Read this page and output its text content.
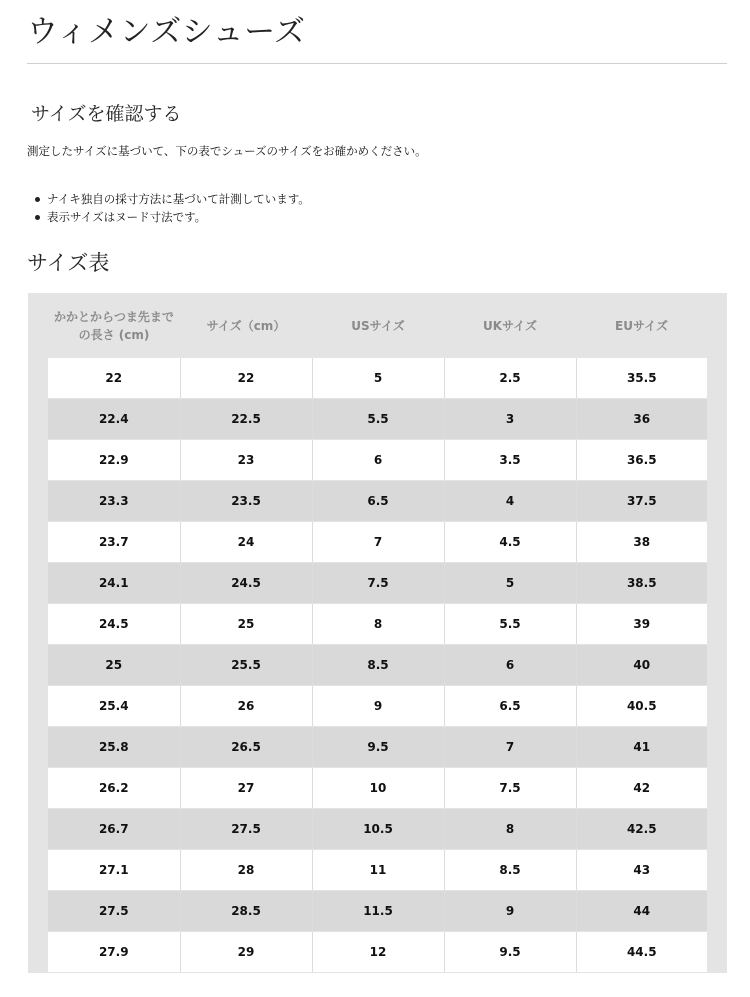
ウィメンズシューズ
サイズを確認する

測定したサイズに基づいて、下の表でシューズのサイズをお確かめください。

ナイキ独自の採寸方法に基づいて計測しています。
表示サイズはヌード寸法です。
サイズ表
かかとからつま先までの長さ (cm)	サイズ（cm）	USサイズ	UKサイズ	EUサイズ
22	22	5	2.5	35.5
22.4	22.5	5.5	3	36
22.9	23	6	3.5	36.5
23.3	23.5	6.5	4	37.5
23.7	24	7	4.5	38
24.1	24.5	7.5	5	38.5
24.5	25	8	5.5	39
25	25.5	8.5	6	40
25.4	26	9	6.5	40.5
25.8	26.5	9.5	7	41
26.2	27	10	7.5	42
26.7	27.5	10.5	8	42.5
27.1	28	11	8.5	43
27.5	28.5	11.5	9	44
27.9	29	12	9.5	44.5
